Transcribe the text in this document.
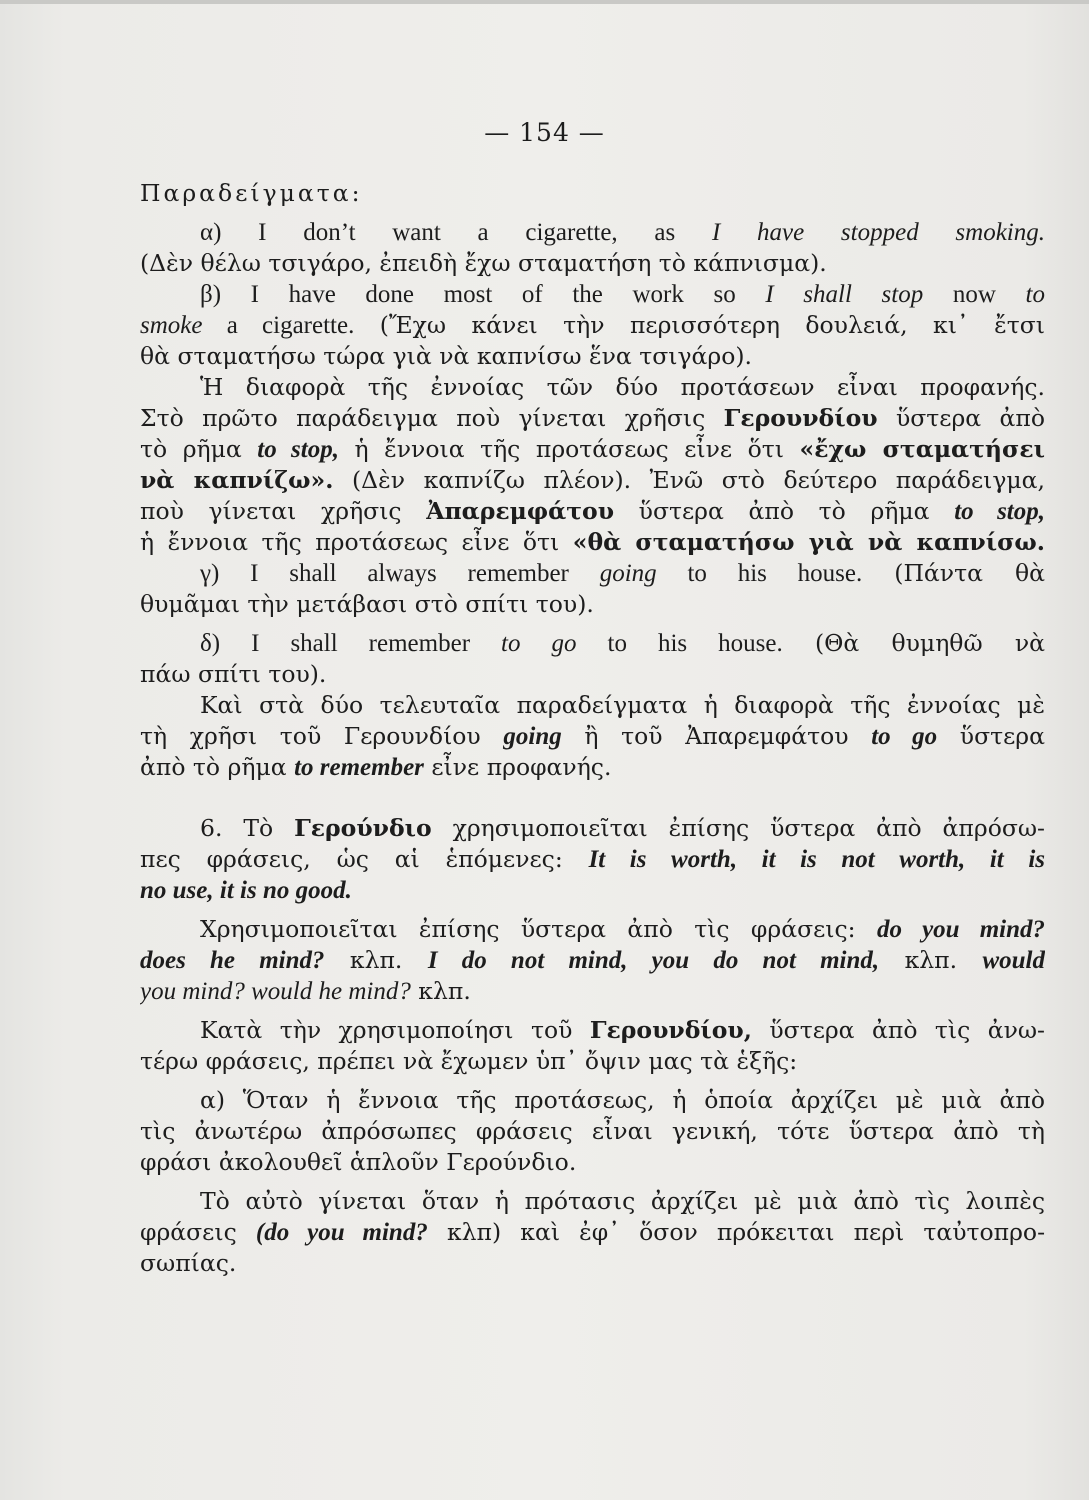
— 154 —
Παραδείγματα:
α) I don’t want a cigarette, as I have stopped smoking.
(Δὲν θέλω τσιγάρο, ἐπειδὴ ἔχω σταματήση τὸ κάπνισμα).
β) I have done most of the work so I shall stop now to
smoke a cigarette. (Ἔχω κάνει τὴν περισσότερη δουλειά, κι᾽ ἔτσι
θὰ σταματήσω τώρα γιὰ νὰ καπνίσω ἕνα τσιγάρο).
Ἡ διαφορὰ τῆς ἐννοίας τῶν δύο προτάσεων εἶναι προφανής.
Στὸ πρῶτο παράδειγμα ποὺ γίνεται χρῆσις Γερουνδίου ὕστερα ἀπὸ
τὸ ρῆμα to stop, ἡ ἔννοια τῆς προτάσεως εἶνε ὅτι «ἔχω σταματήσει
νὰ καπνίζω». (Δὲν καπνίζω πλέον). Ἐνῶ στὸ δεύτερο παράδειγμα,
ποὺ γίνεται χρῆσις Ἀπαρεμφάτου ὕστερα ἀπὸ τὸ ρῆμα to stop,
ἡ ἔννοια τῆς προτάσεως εἶνε ὅτι «θὰ σταματήσω γιὰ νὰ καπνίσω.
γ) I shall always remember going to his house. (Πάντα θὰ
θυμᾶμαι τὴν μετάβασι στὸ σπίτι του).
δ) I shall remember to go to his house. (Θὰ θυμηθῶ νὰ
πάω σπίτι του).
Καὶ στὰ δύο τελευταῖα παραδείγματα ἡ διαφορὰ τῆς ἐννοίας μὲ
τὴ χρῆσι τοῦ Γερουνδίου going ἢ τοῦ Ἀπαρεμφάτου to go ὕστερα
ἀπὸ τὸ ρῆμα to remember εἶνε προφανής.
6. Τὸ Γερούνδιο χρησιμοποιεῖται ἐπίσης ὕστερα ἀπὸ ἀπρόσω-
πες φράσεις, ὡς αἱ ἑπόμενες: It is worth, it is not worth, it is
no use, it is no good.
Χρησιμοποιεῖται ἐπίσης ὕστερα ἀπὸ τὶς φράσεις: do you mind?
does he mind? κλπ. I do not mind, you do not mind, κλπ. would
you mind? would he mind? κλπ.
Κατὰ τὴν χρησιμοποίησι τοῦ Γερουνδίου, ὕστερα ἀπὸ τὶς ἀνω-
τέρω φράσεις, πρέπει νὰ ἔχωμεν ὑπ᾽ ὄψιν μας τὰ ἑξῆς:
α) Ὅταν ἡ ἔννοια τῆς προτάσεως, ἡ ὁποία ἀρχίζει μὲ μιὰ ἀπὸ
τὶς ἀνωτέρω ἀπρόσωπες φράσεις εἶναι γενική, τότε ὕστερα ἀπὸ τὴ
φράσι ἀκολουθεῖ ἁπλοῦν Γερούνδιο.
Τὸ αὐτὸ γίνεται ὅταν ἡ πρότασις ἀρχίζει μὲ μιὰ ἀπὸ τὶς λοιπὲς
φράσεις (do you mind? κλπ) καὶ ἐφ᾽ ὅσον πρόκειται περὶ ταὐτοπρο-
σωπίας.
